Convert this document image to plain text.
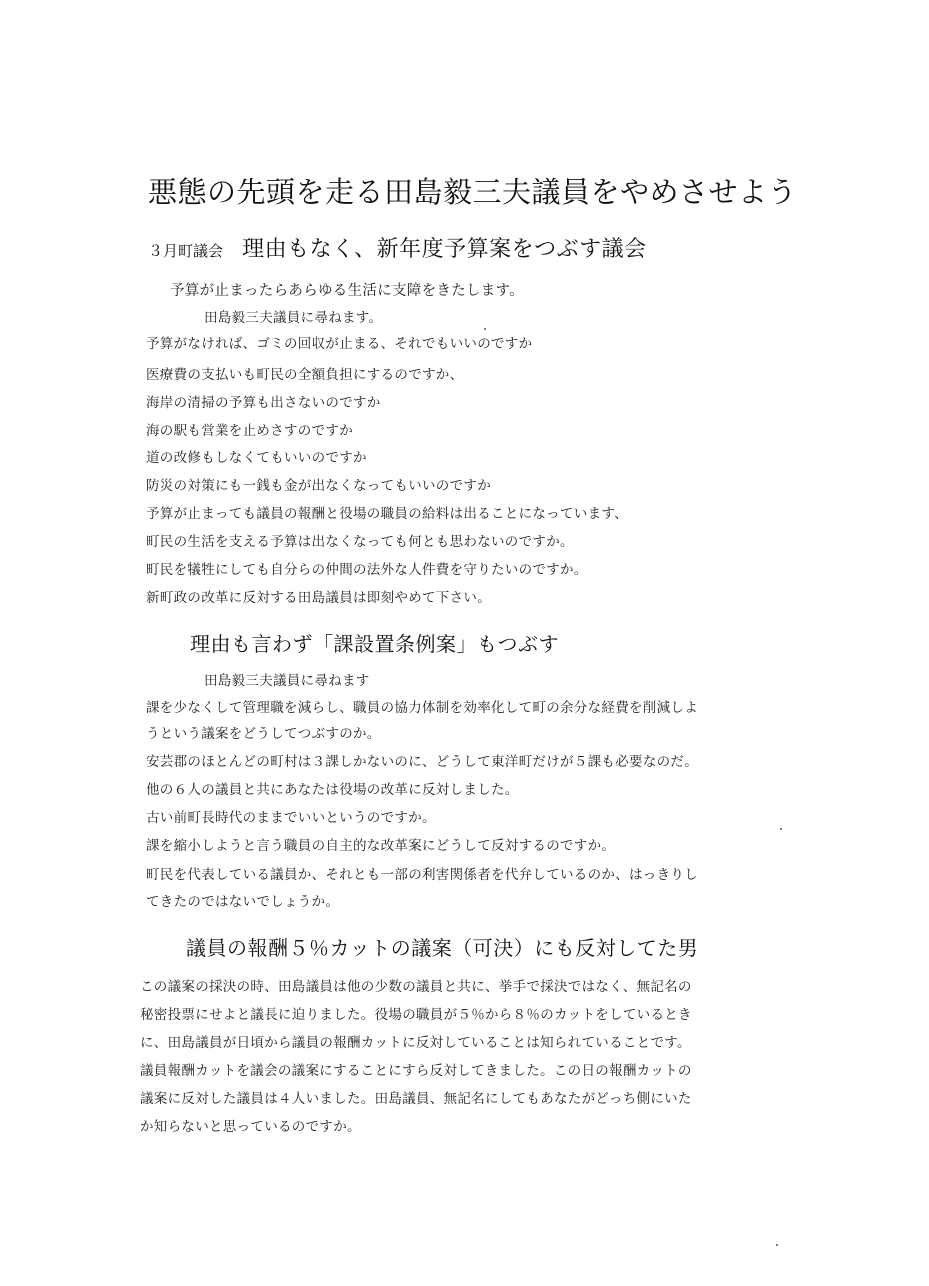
悪態の先頭を走る田島毅三夫議員をやめさせよう
３月町議会 理由もなく、新年度予算案をつぶす議会
予算が止まったらあらゆる生活に支障をきたします。
田島毅三夫議員に尋ねます。
予算がなければ、ゴミの回収が止まる、それでもいいのですか
医療費の支払いも町民の全額負担にするのですか、
海岸の清掃の予算も出さないのですか
海の駅も営業を止めさすのですか
道の改修もしなくてもいいのですか
防災の対策にも一銭も金が出なくなってもいいのですか
予算が止まっても議員の報酬と役場の職員の給料は出ることになっています、
町民の生活を支える予算は出なくなっても何とも思わないのですか。
町民を犠牲にしても自分らの仲間の法外な人件費を守りたいのですか。
新町政の改革に反対する田島議員は即刻やめて下さい。
理由も言わず「課設置条例案」もつぶす
田島毅三夫議員に尋ねます
課を少なくして管理職を減らし、職員の協力体制を効率化して町の余分な経費を削減しよ
うという議案をどうしてつぶすのか。
安芸郡のほとんどの町村は３課しかないのに、どうして東洋町だけが５課も必要なのだ。
他の６人の議員と共にあなたは役場の改革に反対しました。
古い前町長時代のままでいいというのですか。
課を縮小しようと言う職員の自主的な改革案にどうして反対するのですか。
町民を代表している議員か、それとも一部の利害関係者を代弁しているのか、はっきりし
てきたのではないでしょうか。
議員の報酬５％カットの議案（可決）にも反対してた男
この議案の採決の時、田島議員は他の少数の議員と共に、挙手で採決ではなく、無記名の
秘密投票にせよと議長に迫りました。役場の職員が５％から８％のカットをしているとき
に、田島議員が日頃から議員の報酬カットに反対していることは知られていることです。
議員報酬カットを議会の議案にすることにすら反対してきました。この日の報酬カットの
議案に反対した議員は４人いました。田島議員、無記名にしてもあなたがどっち側にいた
か知らないと思っているのですか。
